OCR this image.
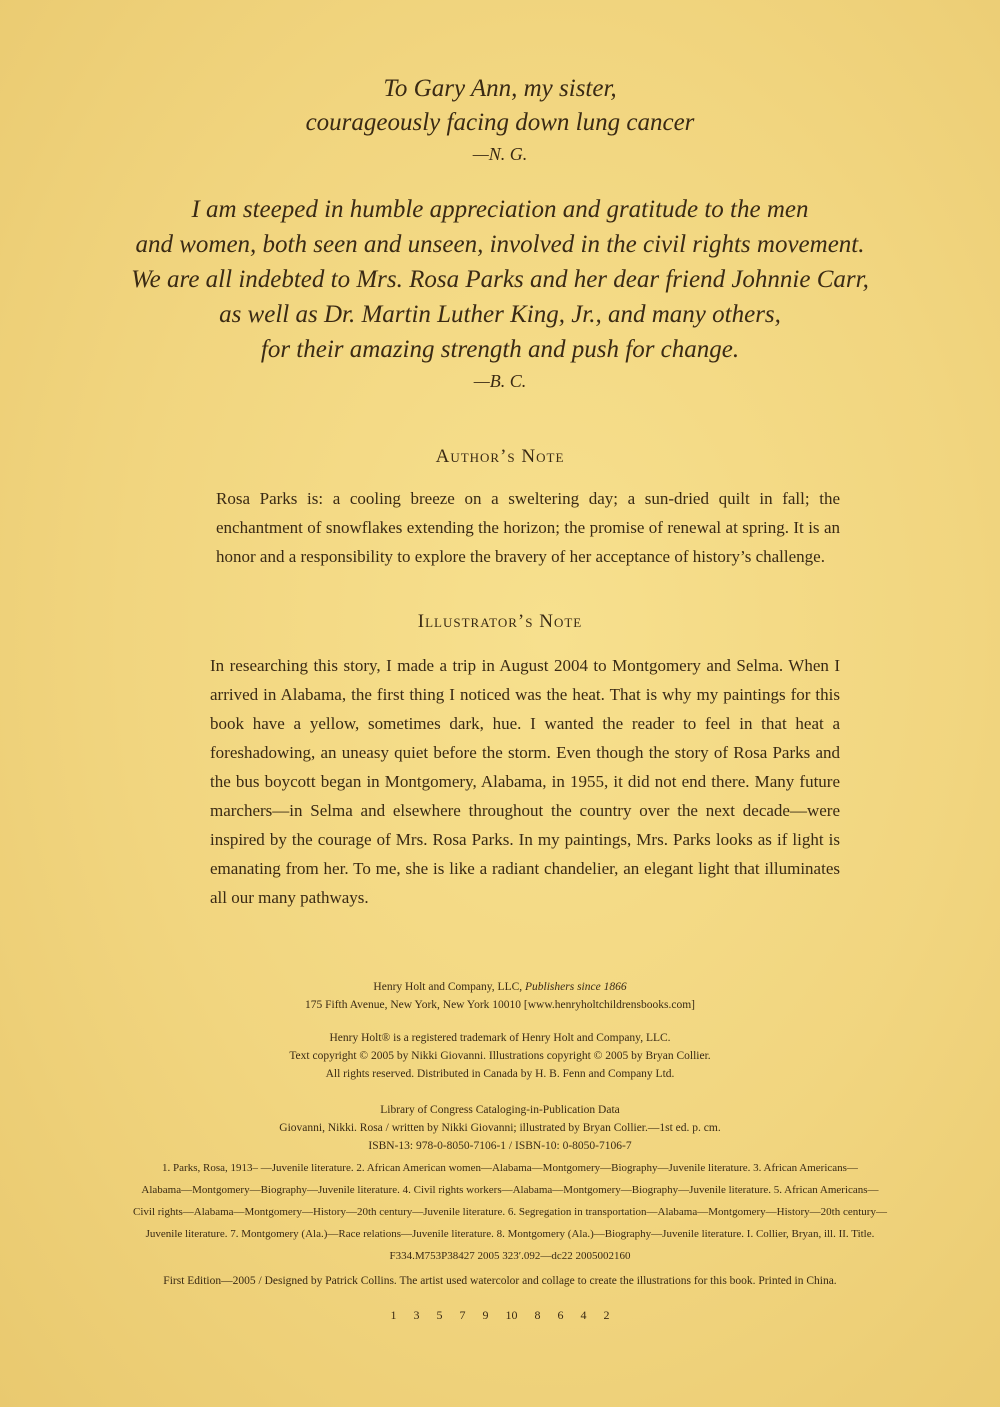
To Gary Ann, my sister,
courageously facing down lung cancer
—N. G.
I am steeped in humble appreciation and gratitude to the men
and women, both seen and unseen, involved in the civil rights movement.
We are all indebted to Mrs. Rosa Parks and her dear friend Johnnie Carr,
as well as Dr. Martin Luther King, Jr., and many others,
for their amazing strength and push for change.
—B. C.
Author’s Note
Rosa Parks is: a cooling breeze on a sweltering day; a sun-dried quilt in fall; the enchantment of snowflakes extending the horizon; the promise of renewal at spring. It is an honor and a responsibility to explore the bravery of her acceptance of history’s challenge.
Illustrator’s Note
In researching this story, I made a trip in August 2004 to Montgomery and Selma. When I arrived in Alabama, the first thing I noticed was the heat. That is why my paintings for this book have a yellow, sometimes dark, hue. I wanted the reader to feel in that heat a foreshadowing, an uneasy quiet before the storm. Even though the story of Rosa Parks and the bus boycott began in Montgomery, Alabama, in 1955, it did not end there. Many future marchers—in Selma and elsewhere throughout the country over the next decade—were inspired by the courage of Mrs. Rosa Parks. In my paintings, Mrs. Parks looks as if light is emanating from her. To me, she is like a radiant chandelier, an elegant light that illuminates all our many pathways.
Henry Holt and Company, LLC, Publishers since 1866
175 Fifth Avenue, New York, New York 10010 [www.henryholtchildrensbooks.com]
Henry Holt® is a registered trademark of Henry Holt and Company, LLC.
Text copyright © 2005 by Nikki Giovanni. Illustrations copyright © 2005 by Bryan Collier.
All rights reserved. Distributed in Canada by H. B. Fenn and Company Ltd.
Library of Congress Cataloging-in-Publication Data
Giovanni, Nikki. Rosa / written by Nikki Giovanni; illustrated by Bryan Collier.—1st ed. p. cm.
ISBN-13: 978-0-8050-7106-1 / ISBN-10: 0-8050-7106-7
1. Parks, Rosa, 1913– —Juvenile literature. 2. African American women—Alabama—Montgomery—Biography—Juvenile literature. 3. African Americans—
Alabama—Montgomery—Biography—Juvenile literature. 4. Civil rights workers—Alabama—Montgomery—Biography—Juvenile literature. 5. African Americans—
Civil rights—Alabama—Montgomery—History—20th century—Juvenile literature. 6. Segregation in transportation—Alabama—Montgomery—History—20th century—
Juvenile literature. 7. Montgomery (Ala.)—Race relations—Juvenile literature. 8. Montgomery (Ala.)—Biography—Juvenile literature. I. Collier, Bryan, ill. II. Title.
F334.M753P38427 2005 323′.092—dc22 2005002160
First Edition—2005 / Designed by Patrick Collins. The artist used watercolor and collage to create the illustrations for this book. Printed in China.
1 3 5 7 9 10 8 6 4 2
